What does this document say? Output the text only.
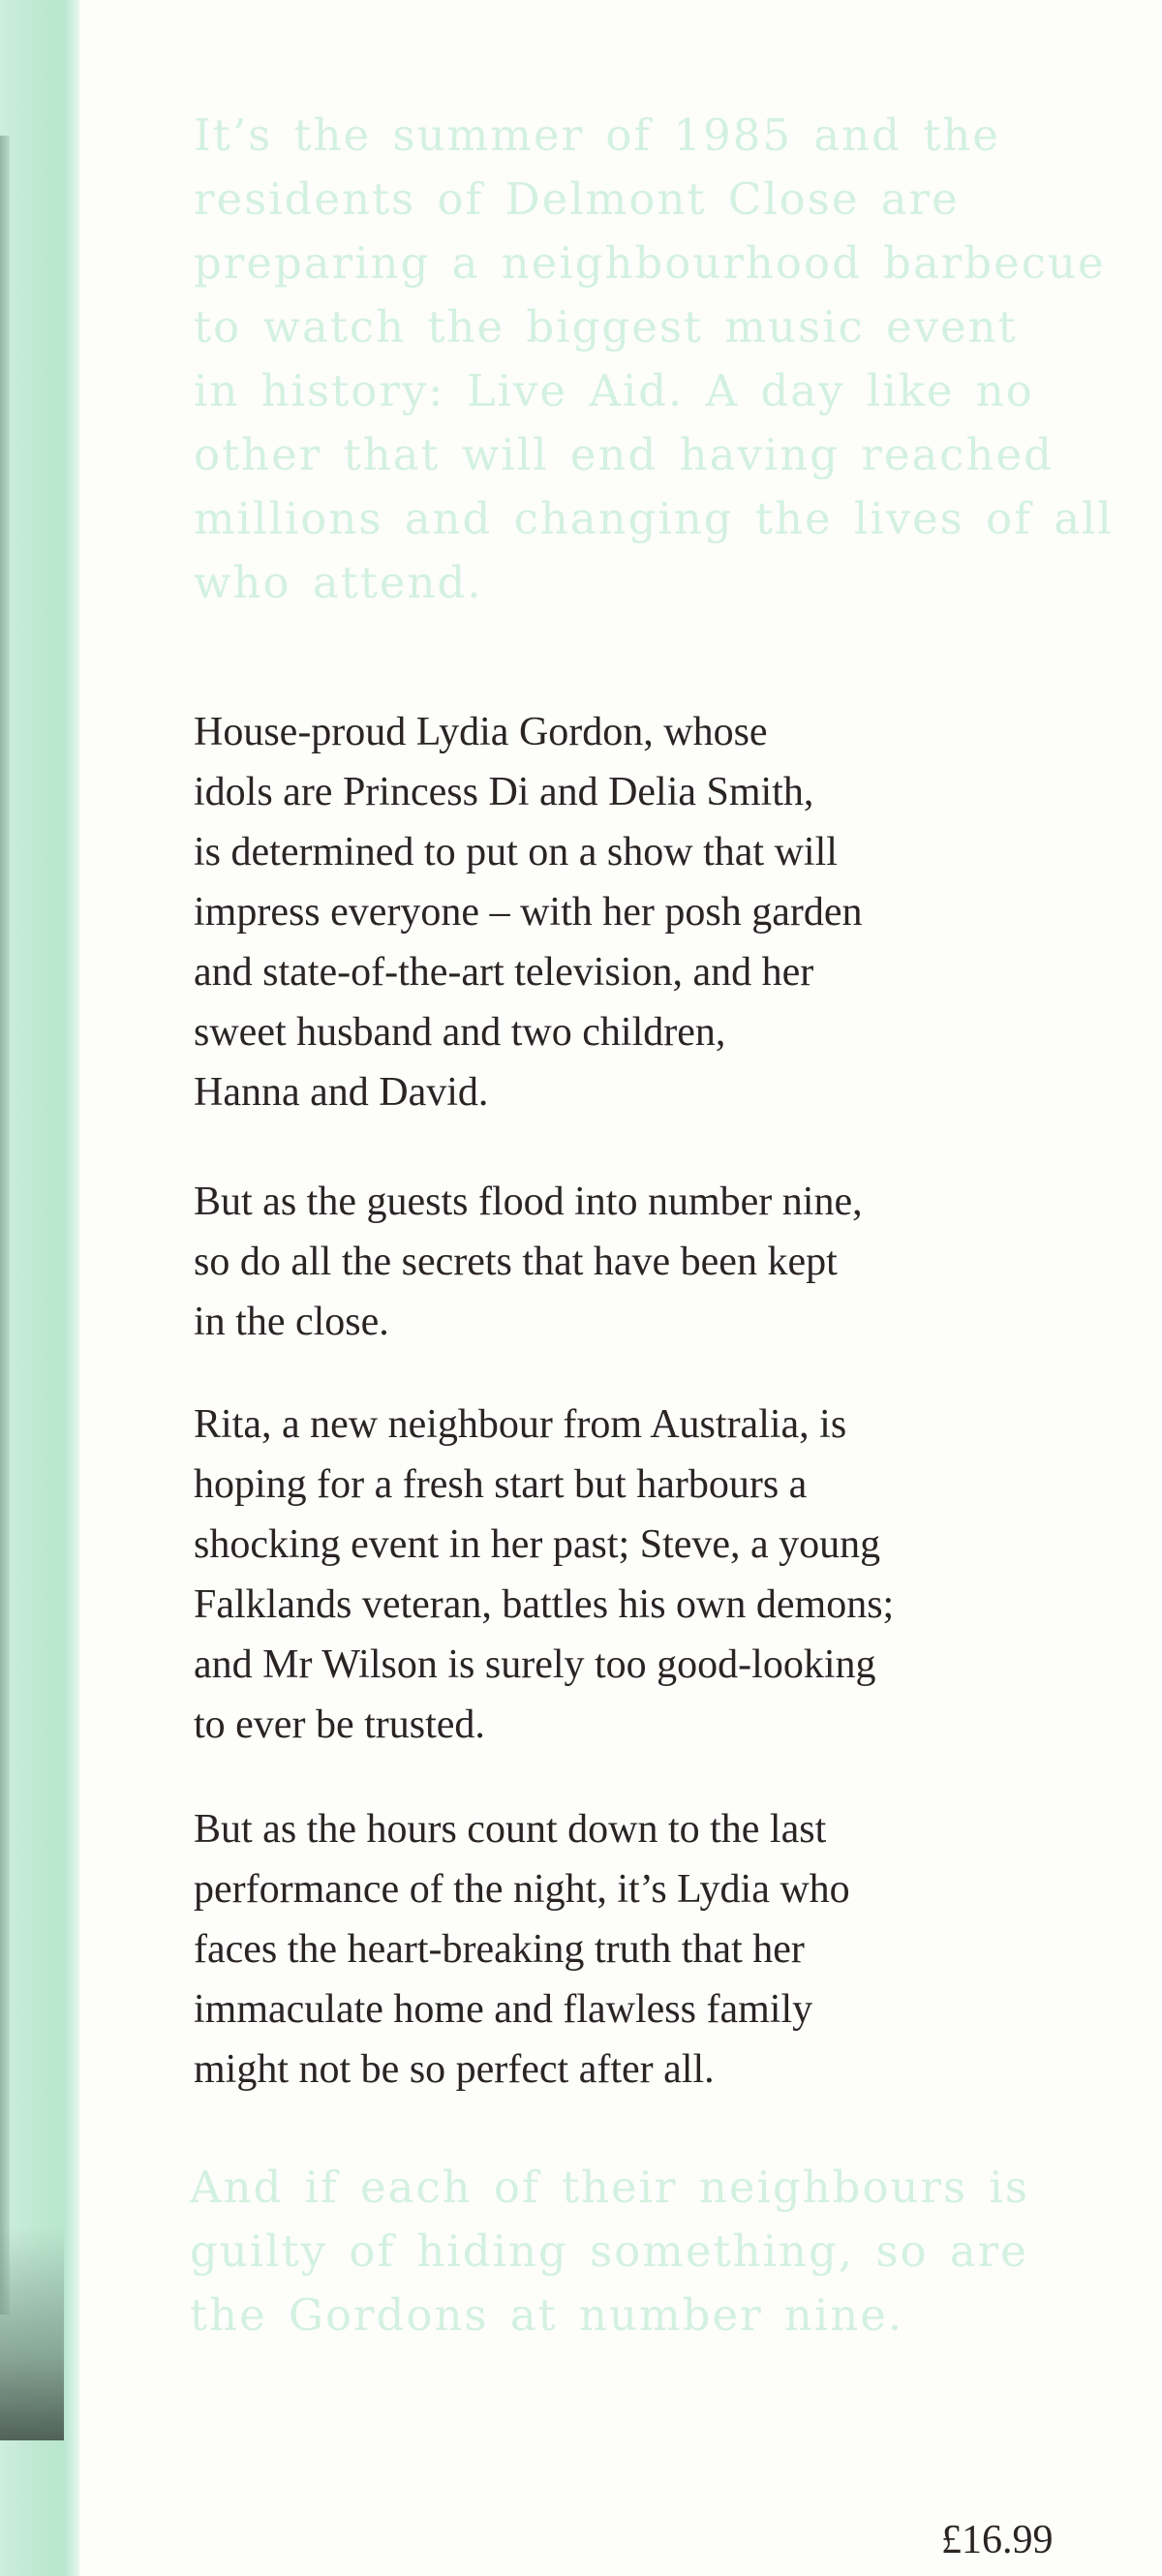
It’s the summer of 1985 and the
residents of Delmont Close are
preparing a neighbourhood barbecue
to watch the biggest music event
in history: Live Aid. A day like no
other that will end having reached
millions and changing the lives of all
who attend.
House-proud Lydia Gordon, whose
idols are Princess Di and Delia Smith,
is determined to put on a show that will
impress everyone – with her posh garden
and state-of-the-art television, and her
sweet husband and two children,
Hanna and David.
But as the guests flood into number nine,
so do all the secrets that have been kept
in the close.
Rita, a new neighbour from Australia, is
hoping for a fresh start but harbours a
shocking event in her past; Steve, a young
Falklands veteran, battles his own demons;
and Mr Wilson is surely too good-looking
to ever be trusted.
But as the hours count down to the last
performance of the night, it’s Lydia who
faces the heart-breaking truth that her
immaculate home and flawless family
might not be so perfect after all.
And if each of their neighbours is
guilty of hiding something, so are
the Gordons at number nine.
£16.99
